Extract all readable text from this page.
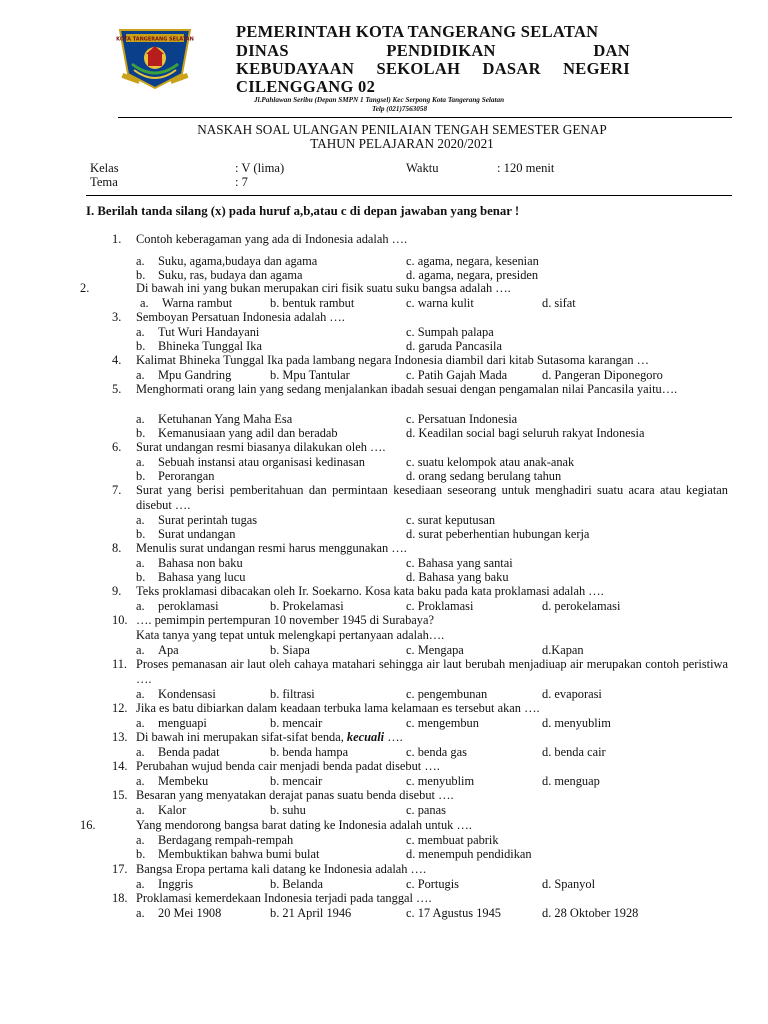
KOTA TANGERANG SELATAN	PEMERINTAH KOTA TANGERANG SELATAN
DINAS	PENDIDIKAN	DAN
KEBUDAYAAN SEKOLAH DASAR NEGERI
CILENGGANG 02
Jl.Pahlawan Seribu (Depan SMPN 1 Tangsel) Kec Serpong Kota Tangerang Selatan
Telp (021)7563058
NASKAH SOAL ULANGAN PENILAIAN TENGAH SEMESTER GENAP
TAHUN PELAJARAN 2020/2021
Kelas	: V (lima)	Waktu	: 120 menit
Tema	: 7
I. Berilah tanda silang (x) pada huruf a,b,atau c di depan jawaban yang benar !
1. Contoh keberagaman yang ada di Indonesia adalah ….
a. Suku, agama,budaya dan agama
b. Suku, ras, budaya dan agama
c. agama, negara, kesenian
d. agama, negara, presiden
2.	Di bawah ini yang bukan merupakan ciri fisik suatu suku bangsa adalah ….
a. Warna rambut	b. bentuk rambut	c. warna kulit	d. sifat
3. Semboyan Persatuan Indonesia adalah ….
a. Tut Wuri Handayani
b. Bhineka Tunggal Ika
c. Sumpah palapa
d. garuda Pancasila
4. Kalimat Bhineka Tunggal Ika pada lambang negara Indonesia diambil dari kitab Sutasoma karangan …
a. Mpu Gandring	b. Mpu Tantular	c. Patih Gajah Mada	d. Pangeran Diponegoro
5. Menghormati orang lain yang sedang menjalankan ibadah sesuai dengan pengamalan nilai Pancasila yaitu….
a. Ketuhanan Yang Maha Esa
b. Kemanusiaan yang adil dan beradab
c. Persatuan Indonesia
d. Keadilan social bagi seluruh rakyat Indonesia
6. Surat undangan resmi biasanya dilakukan oleh ….
a. Sebuah instansi atau organisasi kedinasan
b. Perorangan
c. suatu kelompok atau anak-anak
d. orang sedang berulang tahun
7. Surat yang berisi pemberitahuan dan permintaan kesediaan seseorang untuk menghadiri suatu acara atau kegiatan disebut ….
a. Surat perintah tugas
b. Surat undangan
c. surat keputusan
d. surat peberhentian hubungan kerja
8. Menulis surat undangan resmi harus menggunakan ….
a. Bahasa non baku
b. Bahasa yang lucu
c. Bahasa yang santai
d. Bahasa yang baku
9. Teks proklamasi dibacakan oleh Ir. Soekarno. Kosa kata baku pada kata proklamasi adalah ….
a. peroklamasi	b. Prokelamasi	c. Proklamasi	d. perokelamasi
10. …. pemimpin pertempuran 10 november 1945 di Surabaya?
Kata tanya yang tepat untuk melengkapi pertanyaan adalah….
a. Apa	b. Siapa	c. Mengapa	d.Kapan
11. Proses pemanasan air laut oleh cahaya matahari sehingga air laut berubah menjadiuap air merupakan contoh peristiwa ….
a. Kondensasi	b. filtrasi	c. pengembunan	d. evaporasi
12. Jika es batu dibiarkan dalam keadaan terbuka lama kelamaan es tersebut akan ….
a. menguapi	b. mencair	c. mengembun	d. menyublim
13. Di bawah ini merupakan sifat-sifat benda, kecuali ….
a. Benda padat	b. benda hampa	c. benda gas	d. benda cair
14. Perubahan wujud benda cair menjadi benda padat disebut ….
a. Membeku	b. mencair	c. menyublim	d. menguap
15. Besaran yang menyatakan derajat panas suatu benda disebut ….
a. Kalor	b. suhu	c. panas
16.	Yang mendorong bangsa barat dating ke Indonesia adalah untuk ….
a. Berdagang rempah-rempah
b. Membuktikan bahwa bumi bulat
c. membuat pabrik
d. menempuh pendidikan
17. Bangsa Eropa pertama kali datang ke Indonesia adalah ….
a. Inggris	b. Belanda	c. Portugis	d. Spanyol
18. Proklamasi kemerdekaan Indonesia terjadi pada tanggal ….
a. 20 Mei 1908	b. 21 April 1946	c. 17 Agustus 1945	d. 28 Oktober 1928
